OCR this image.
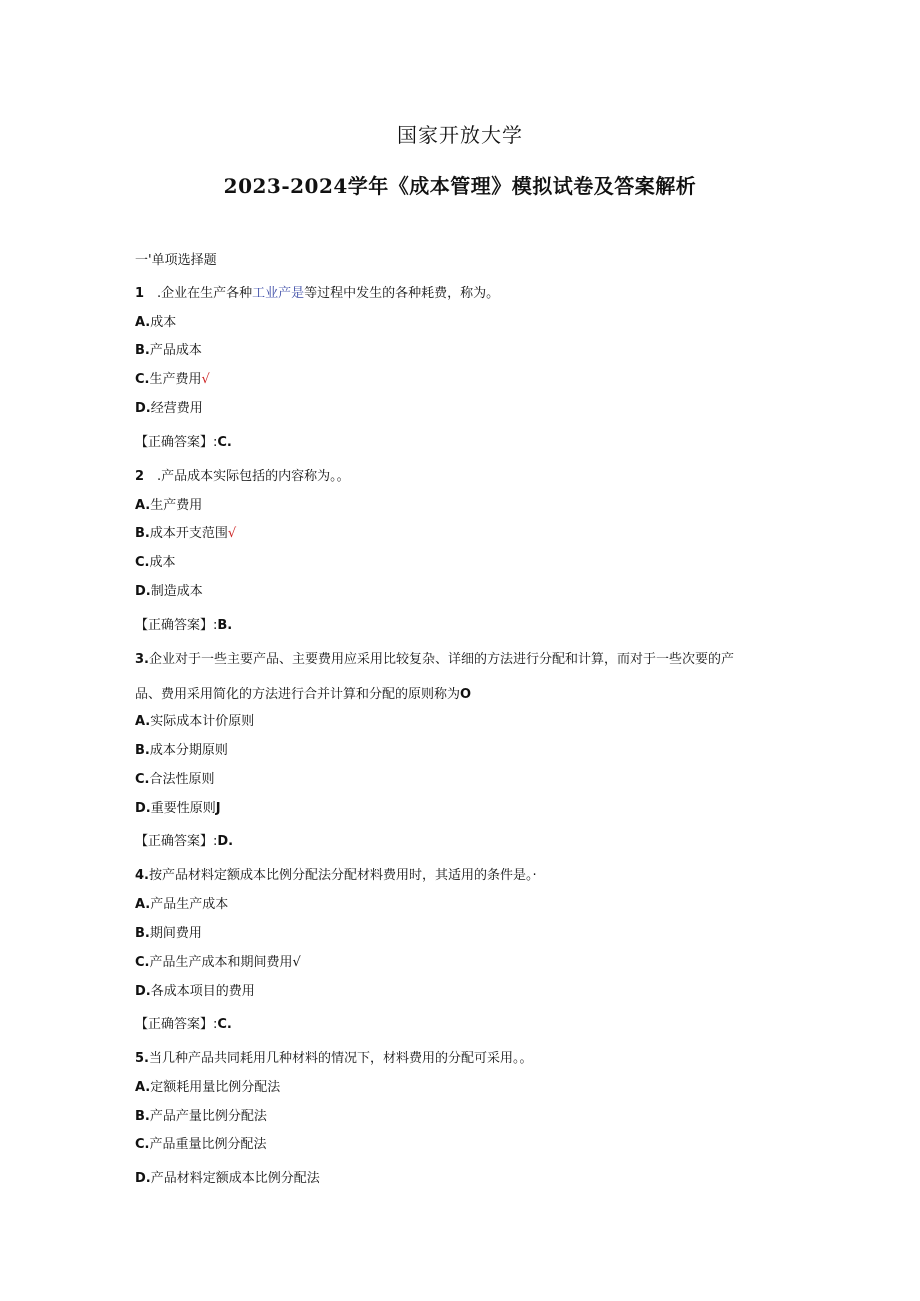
国家开放大学
2023-2024学年《成本管理》模拟试卷及答案解析
一'单项选择题
1 .企业在生产各种工业产是等过程中发生的各种耗费，称为。
A.成本
B.产品成本
C.生产费用√
D.经营费用
【正确答案】:C.
2 .产品成本实际包括的内容称为。。
A.生产费用
B.成本开支范围√
C.成本
D.制造成本
【正确答案】:B.
3.企业对于一些主要产品、主要费用应采用比较复杂、详细的方法进行分配和计算，而对于一些次要的产
品、费用采用简化的方法进行合并计算和分配的原则称为O
A.实际成本计价原则
B.成本分期原则
C.合法性原则
D.重要性原则J
【正确答案】:D.
4.按产品材料定额成本比例分配法分配材料费用时，其适用的条件是。·
A.产品生产成本
B.期间费用
C.产品生产成本和期间费用√
D.各成本项目的费用
【正确答案】:C.
5.当几种产品共同耗用几种材料的情况下，材料费用的分配可采用。。
A.定额耗用量比例分配法
B.产品产量比例分配法
C.产品重量比例分配法
D.产品材料定额成本比例分配法
